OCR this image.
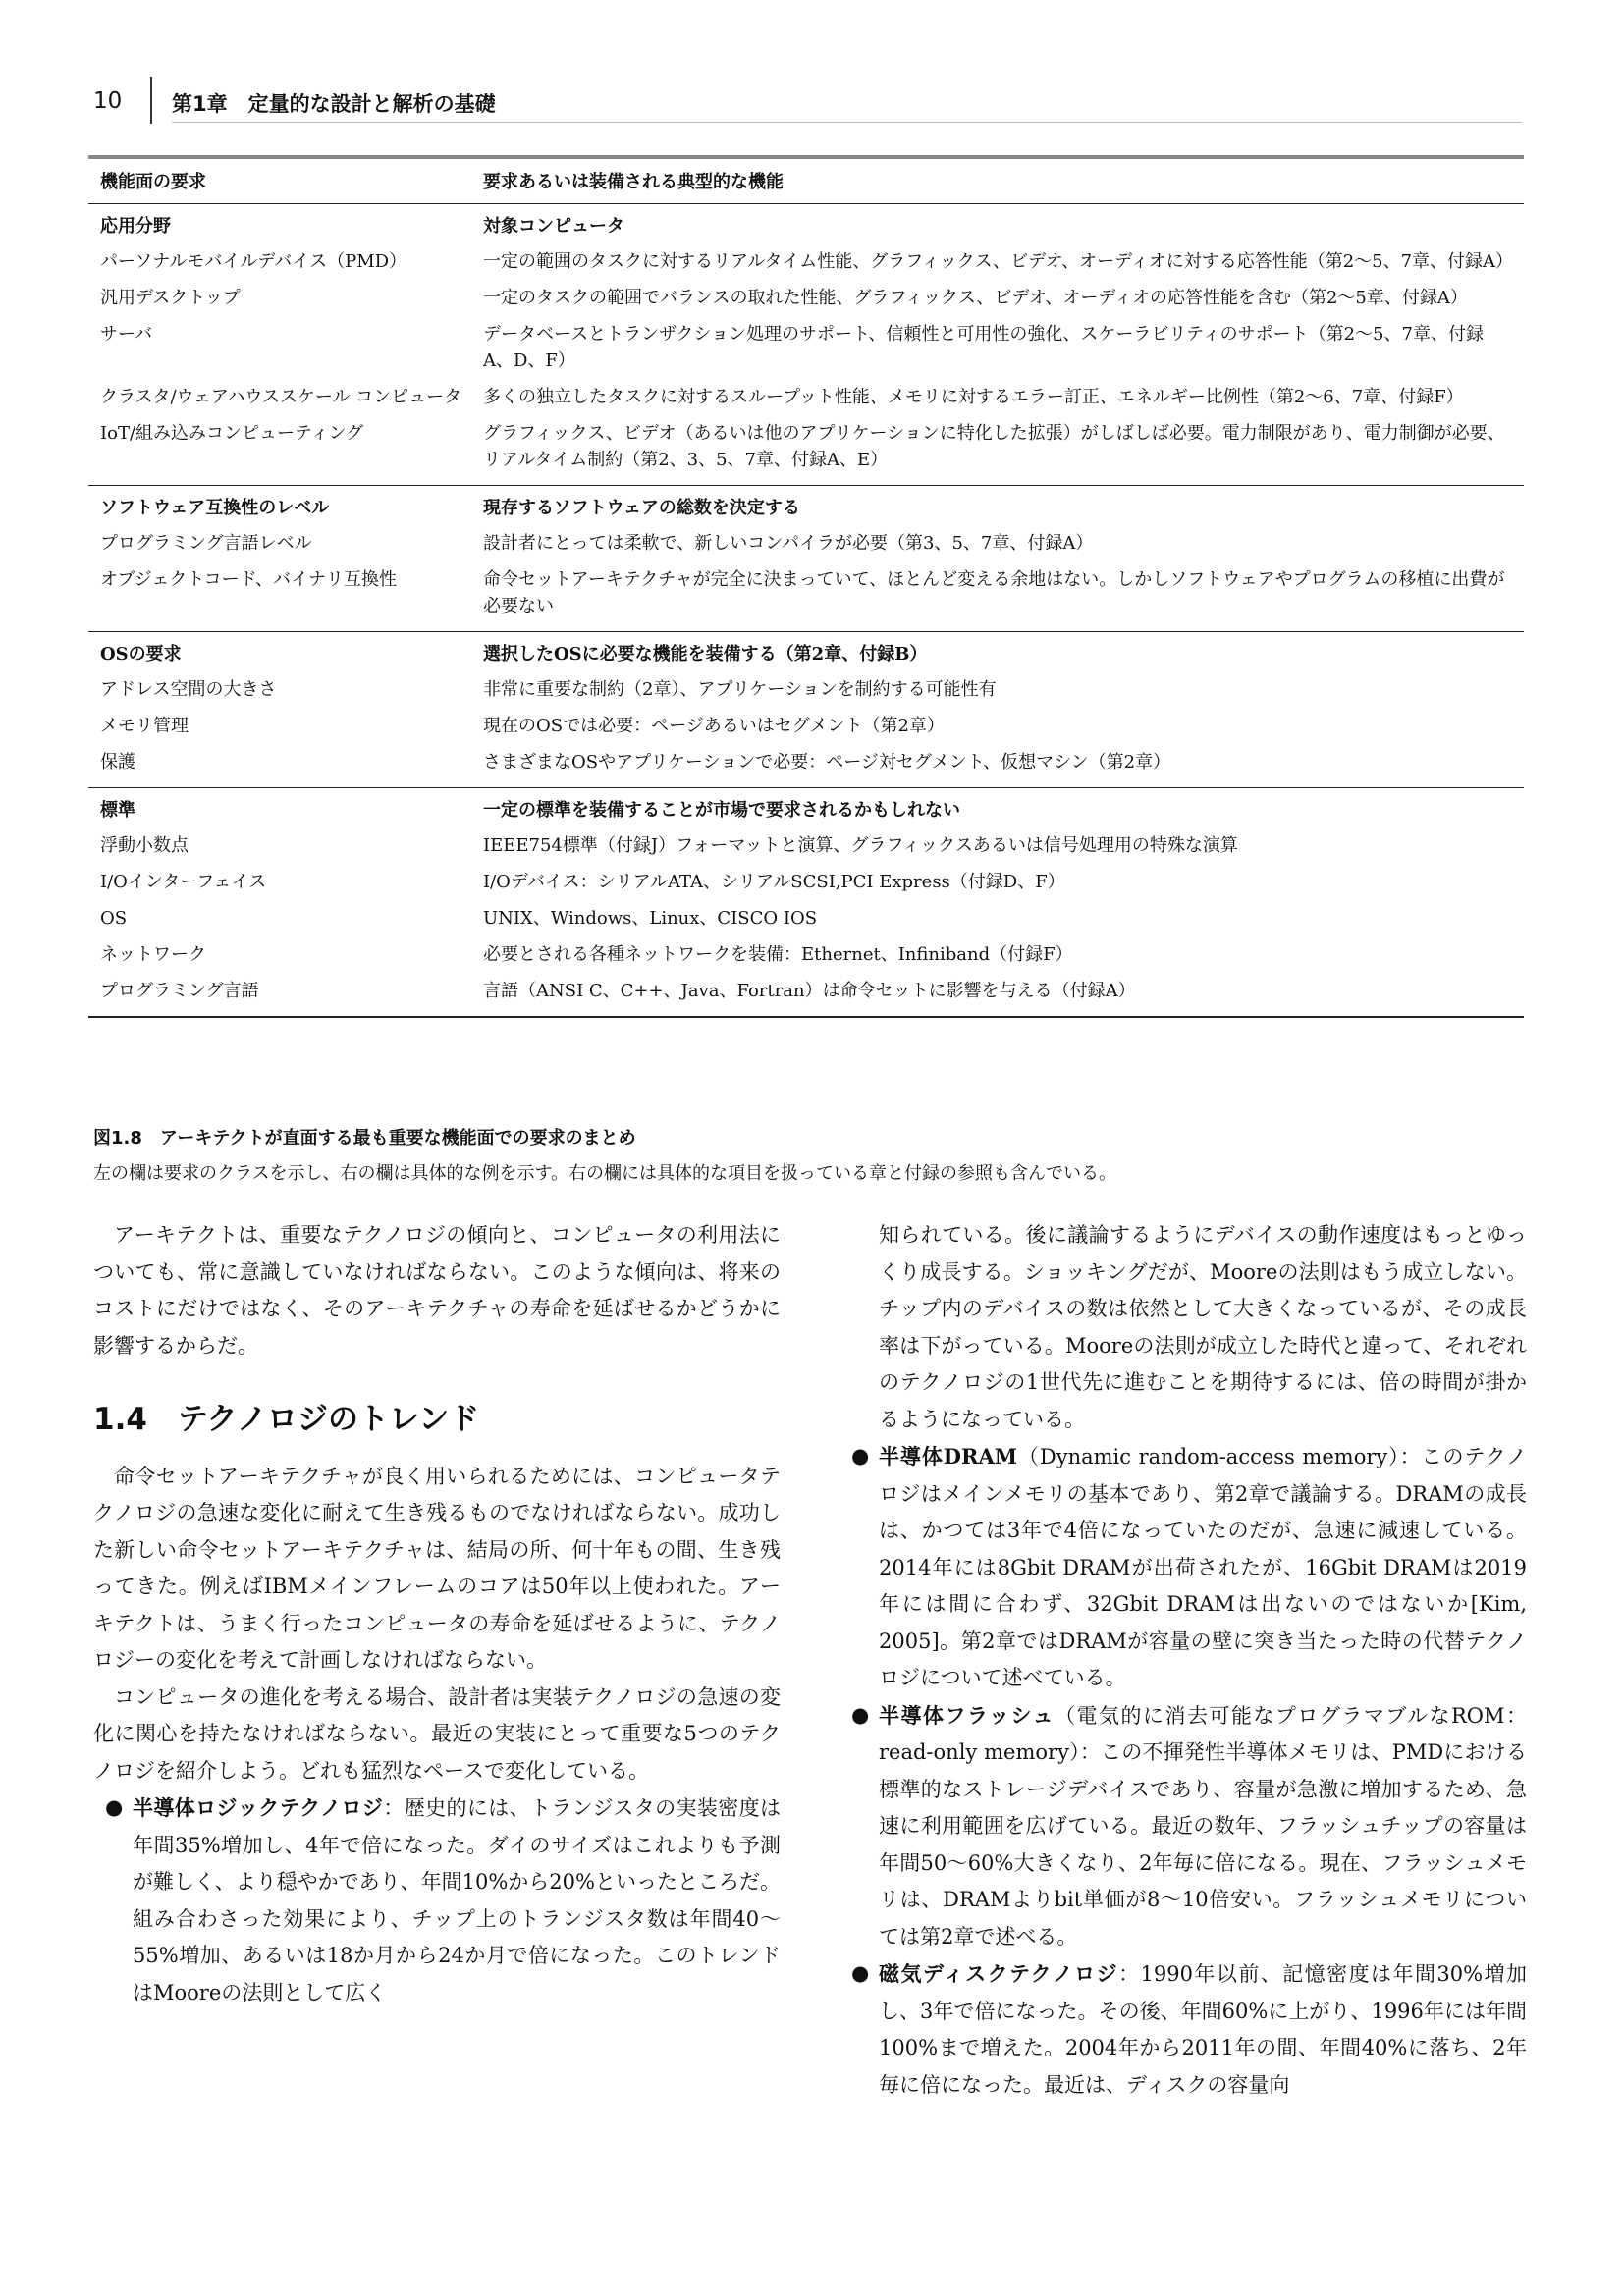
10 第1章　定量的な設計と解析の基礎
機能面の要求	要求あるいは装備される典型的な機能
応用分野	対象コンピュータ
パーソナルモバイルデバイス（PMD）	一定の範囲のタスクに対するリアルタイム性能、グラフィックス、ビデオ、オーディオに対する応答性能（第2〜5、7章、付録A）
汎用デスクトップ	一定のタスクの範囲でバランスの取れた性能、グラフィックス、ビデオ、オーディオの応答性能を含む（第2〜5章、付録A）
サーバ	データベースとトランザクション処理のサポート、信頼性と可用性の強化、スケーラビリティのサポート（第2〜5、7章、付録A、D、F）
クラスタ/ウェアハウススケール コンピュータ	多くの独立したタスクに対するスループット性能、メモリに対するエラー訂正、エネルギー比例性（第2〜6、7章、付録F）
IoT/組み込みコンピューティング	グラフィックス、ビデオ（あるいは他のアプリケーションに特化した拡張）がしばしば必要。電力制限があり、電力制御が必要、リアルタイム制約（第2、3、5、7章、付録A、E）
ソフトウェア互換性のレベル	現存するソフトウェアの総数を決定する
プログラミング言語レベル	設計者にとっては柔軟で、新しいコンパイラが必要（第3、5、7章、付録A）
オブジェクトコード、バイナリ互換性	命令セットアーキテクチャが完全に決まっていて、ほとんど変える余地はない。しかしソフトウェアやプログラムの移植に出費が必要ない
OSの要求	選択したOSに必要な機能を装備する（第2章、付録B）
アドレス空間の大きさ	非常に重要な制約（2章）、アプリケーションを制約する可能性有
メモリ管理	現在のOSでは必要：ページあるいはセグメント（第2章）
保護	さまざまなOSやアプリケーションで必要：ページ対セグメント、仮想マシン（第2章）
標準	一定の標準を装備することが市場で要求されるかもしれない
浮動小数点	IEEE754標準（付録J）フォーマットと演算、グラフィックスあるいは信号処理用の特殊な演算
I/Oインターフェイス	I/Oデバイス：シリアルATA、シリアルSCSI,PCI Express（付録D、F）
OS	UNIX、Windows、Linux、CISCO IOS
ネットワーク	必要とされる各種ネットワークを装備：Ethernet、Infiniband（付録F）
プログラミング言語	言語（ANSI C、C++、Java、Fortran）は命令セットに影響を与える（付録A）
図1.8　アーキテクトが直面する最も重要な機能面での要求のまとめ
左の欄は要求のクラスを示し、右の欄は具体的な例を示す。右の欄には具体的な項目を扱っている章と付録の参照も含んでいる。

アーキテクトは、重要なテクノロジの傾向と、コンピュータの利用法についても、常に意識していなければならない。このような傾向は、将来のコストにだけではなく、そのアーキテクチャの寿命を延ばせるかどうかに影響するからだ。

1.4　テクノロジのトレンド

命令セットアーキテクチャが良く用いられるためには、コンピュータテクノロジの急速な変化に耐えて生き残るものでなければならない。成功した新しい命令セットアーキテクチャは、結局の所、何十年もの間、生き残ってきた。例えばIBMメインフレームのコアは50年以上使われた。アーキテクトは、うまく行ったコンピュータの寿命を延ばせるように、テクノロジーの変化を考えて計画しなければならない。

コンピュータの進化を考える場合、設計者は実装テクノロジの急速の変化に関心を持たなければならない。最近の実装にとって重要な5つのテクノロジを紹介しよう。どれも猛烈なペースで変化している。

● 半導体ロジックテクノロジ：歴史的には、トランジスタの実装密度は年間35%増加し、4年で倍になった。ダイのサイズはこれよりも予測が難しく、より穏やかであり、年間10%から20%といったところだ。組み合わさった効果により、チップ上のトランジスタ数は年間40〜55%増加、あるいは18か月から24か月で倍になった。このトレンドはMooreの法則として広く

知られている。後に議論するようにデバイスの動作速度はもっとゆっくり成長する。ショッキングだが、Mooreの法則はもう成立しない。チップ内のデバイスの数は依然として大きくなっているが、その成長率は下がっている。Mooreの法則が成立した時代と違って、それぞれのテクノロジの1世代先に進むことを期待するには、倍の時間が掛かるようになっている。

● 半導体DRAM（Dynamic random-access memory）：このテクノロジはメインメモリの基本であり、第2章で議論する。DRAMの成長は、かつては3年で4倍になっていたのだが、急速に減速している。2014年には8Gbit DRAMが出荷されたが、16Gbit DRAMは2019年には間に合わず、32Gbit DRAMは出ないのではないか[Kim, 2005]。第2章ではDRAMが容量の壁に突き当たった時の代替テクノロジについて述べている。
● 半導体フラッシュ（電気的に消去可能なプログラマブルなROM：read-only memory）：この不揮発性半導体メモリは、PMDにおける標準的なストレージデバイスであり、容量が急激に増加するため、急速に利用範囲を広げている。最近の数年、フラッシュチップの容量は年間50〜60%大きくなり、2年毎に倍になる。現在、フラッシュメモリは、DRAMよりbit単価が8〜10倍安い。フラッシュメモリについては第2章で述べる。
● 磁気ディスクテクノロジ：1990年以前、記憶密度は年間30%増加し、3年で倍になった。その後、年間60%に上がり、1996年には年間100%まで増えた。2004年から2011年の間、年間40%に落ち、2年毎に倍になった。最近は、ディスクの容量向
